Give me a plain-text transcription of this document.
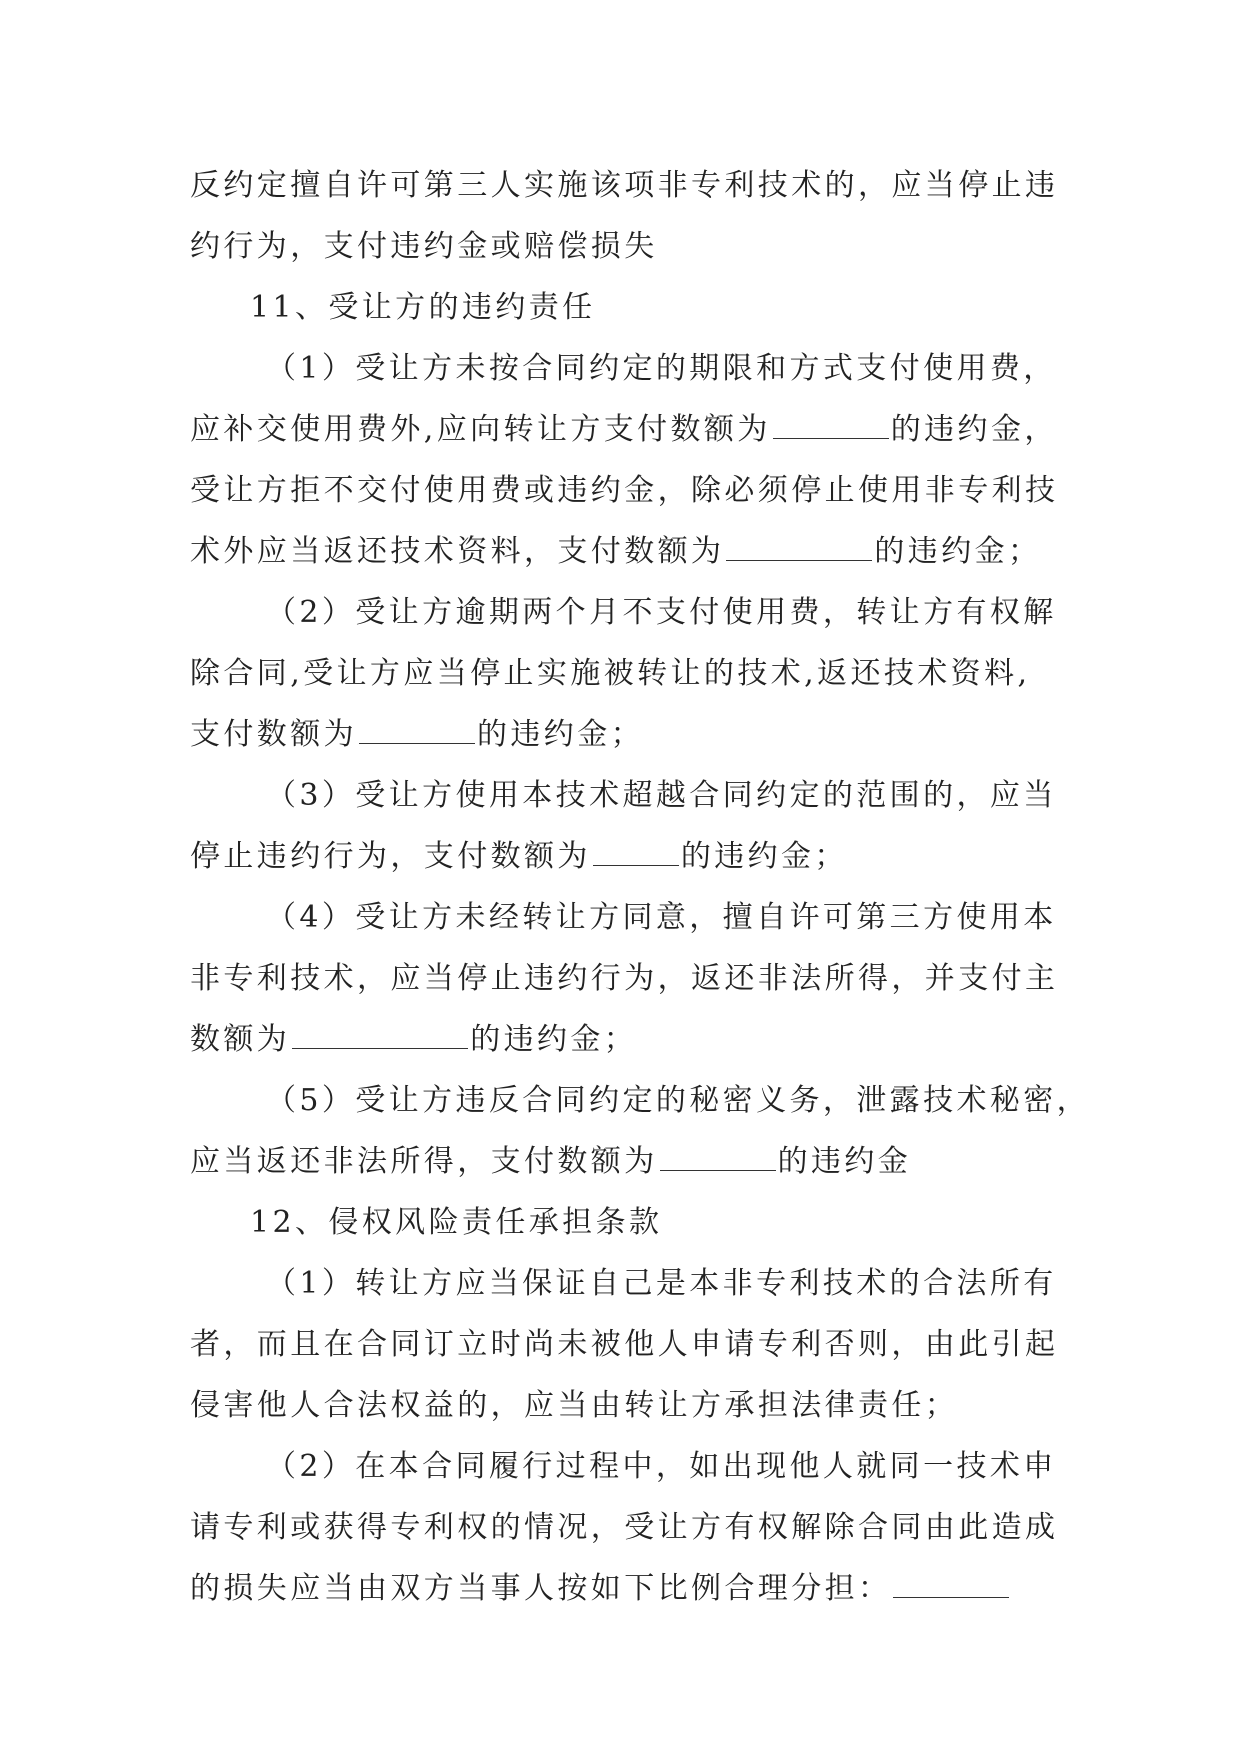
反约定擅自许可第三人实施该项非专利技术的，应当停止违
约行为，支付违约金或赔偿损失
11、受让方的违约责任
（1）受让方未按合同约定的期限和方式支付使用费，
应补交使用费外,应向转让方支付数额为	的违约金，
受让方拒不交付使用费或违约金，除必须停止使用非专利技
术外应当返还技术资料，支付数额为	的违约金；
（2）受让方逾期两个月不支付使用费，转让方有权解
除合同,受让方应当停止实施被转让的技术,返还技术资料,
支付数额为	的违约金；
（3）受让方使用本技术超越合同约定的范围的，应当
停止违约行为，支付数额为	的违约金；
（4）受让方未经转让方同意，擅自许可第三方使用本
非专利技术，应当停止违约行为，返还非法所得，并支付主
数额为	的违约金；
（5）受让方违反合同约定的秘密义务，泄露技术秘密，
应当返还非法所得，支付数额为	的违约金
12、侵权风险责任承担条款
（1）转让方应当保证自己是本非专利技术的合法所有
者，而且在合同订立时尚未被他人申请专利否则，由此引起
侵害他人合法权益的，应当由转让方承担法律责任；
（2）在本合同履行过程中，如出现他人就同一技术申
请专利或获得专利权的情况，受让方有权解除合同由此造成
的损失应当由双方当事人按如下比例合理分担：
